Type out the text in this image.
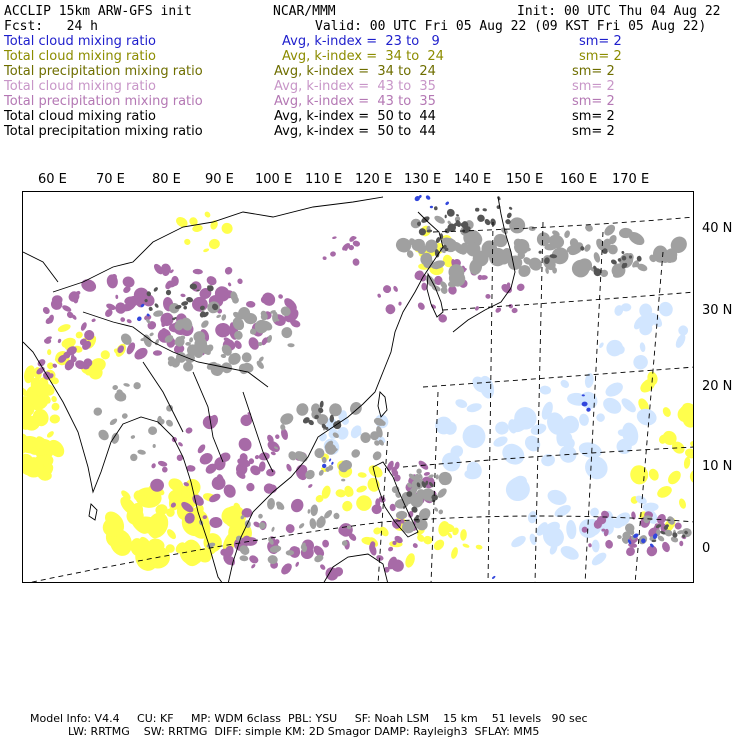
ACCLIP 15km ARW-GFS init	NCAR/MMM	Init: 00 UTC Thu 04 Aug 22
Fcst:   24 h	Valid: 00 UTC Fri 05 Aug 22 (09 KST Fri 05 Aug 22)
Total cloud mixing ratio	Avg, k-index =  23 to   9	sm= 2
Total cloud mixing ratio	Avg, k-index =  34 to  24	sm= 2
Total precipitation mixing ratio	Avg, k-index =  34 to  24	sm= 2
Total cloud mixing ratio	Avg, k-index =  43 to  35	sm= 2
Total precipitation mixing ratio	Avg, k-index =  43 to  35	sm= 2
Total cloud mixing ratio	Avg, k-index =  50 to  44	sm= 2
Total precipitation mixing ratio	Avg, k-index =  50 to  44	sm= 2
60 E 70 E 80 E 90 E 100 E 110 E 120 E 130 E 140 E 150 E 160 E 170 E
40 N
30 N
20 N
10 N
0
Model Info: V4.4     CU: KF     MP: WDM 6class  PBL: YSU     SF: Noah LSM    15 km    51 levels   90 sec
LW: RRTMG    SW: RRTMG  DIFF: simple KM: 2D Smagor DAMP: Rayleigh3  SFLAY: MM5
